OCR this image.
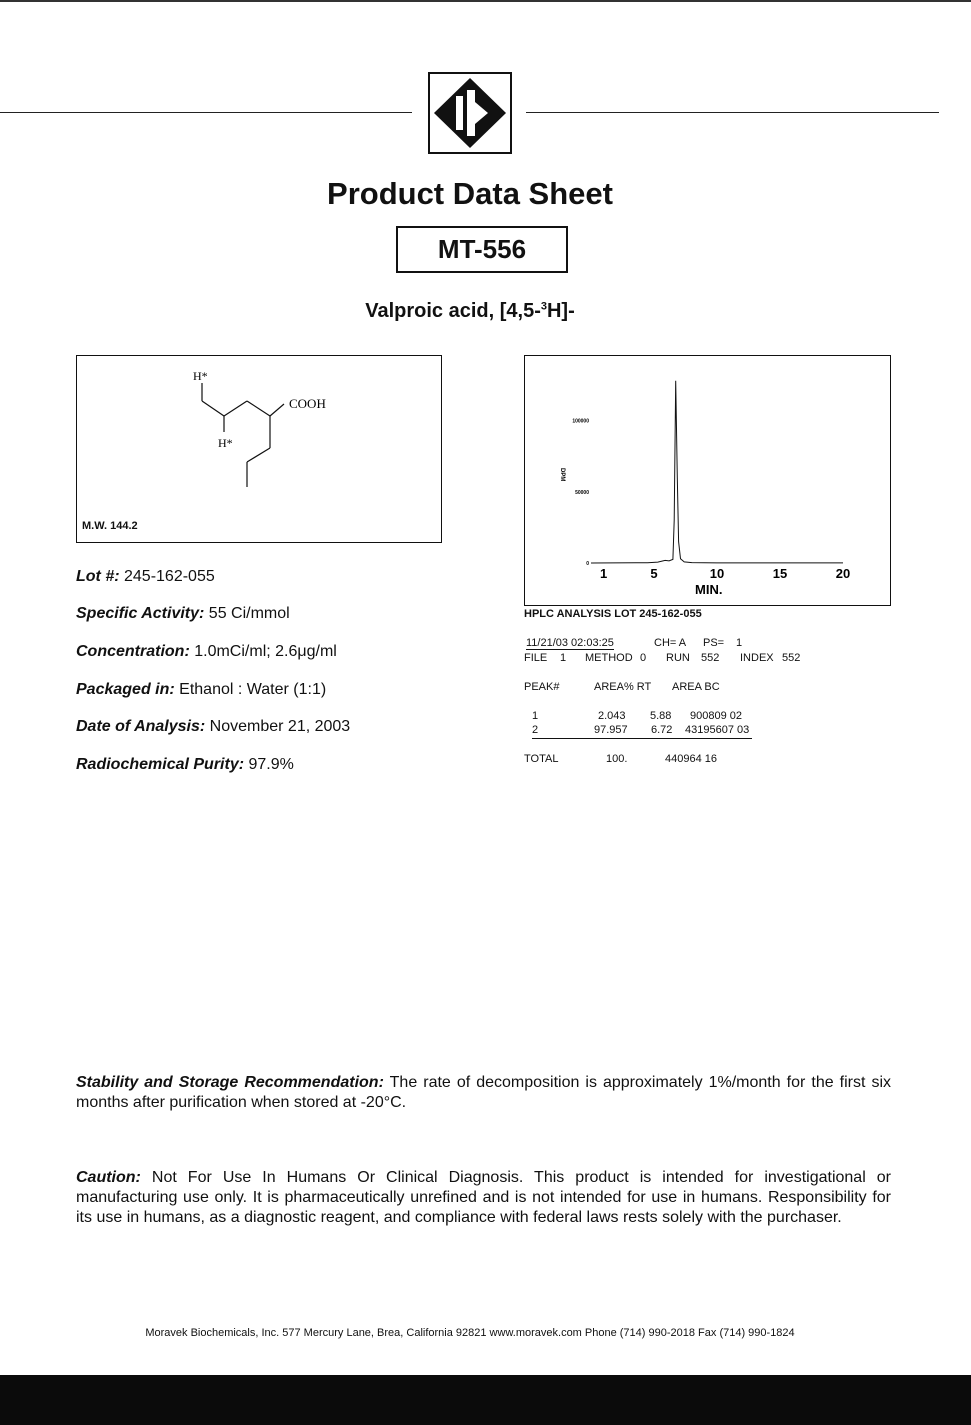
Product Data Sheet
MT-556
Valproic acid, [4,5-$^3$H]-
H*
H*
COOH
M.W. 144.2
Lot #: 245-162-055
Specific Activity: 55 Ci/mmol
Concentration: 1.0mCi/ml; 2.6μg/ml
Packaged in: Ethanol : Water (1:1)
Date of Analysis: November 21, 2003
Radiochemical Purity: 97.9%
0
50000
100000
1	5	10	15	20
DPM
MIN.
HPLC ANALYSIS LOT 245-162-055
11/21/03 02:03:25	CH= A PS= 1
FILE 1 METHOD 0 RUN 552 INDEX 552
PEAK#	AREA% RT AREA BC
1	2.043 5.88 900809 02
2	97.957 6.72 43195607 03
TOTAL	100.	440964 16
Stability and Storage Recommendation: The rate of decomposition is approximately 1%/month for the first six months after purification when stored at -20°C.
Caution: Not For Use In Humans Or Clinical Diagnosis. This product is intended for investigational or manufacturing use only. It is pharmaceutically unrefined and is not intended for use in humans. Responsibility for its use in humans, as a diagnostic reagent, and compliance with federal laws rests solely with the purchaser.
Moravek Biochemicals, Inc. 577 Mercury Lane, Brea, California 92821 www.moravek.com Phone (714) 990-2018 Fax (714) 990-1824
